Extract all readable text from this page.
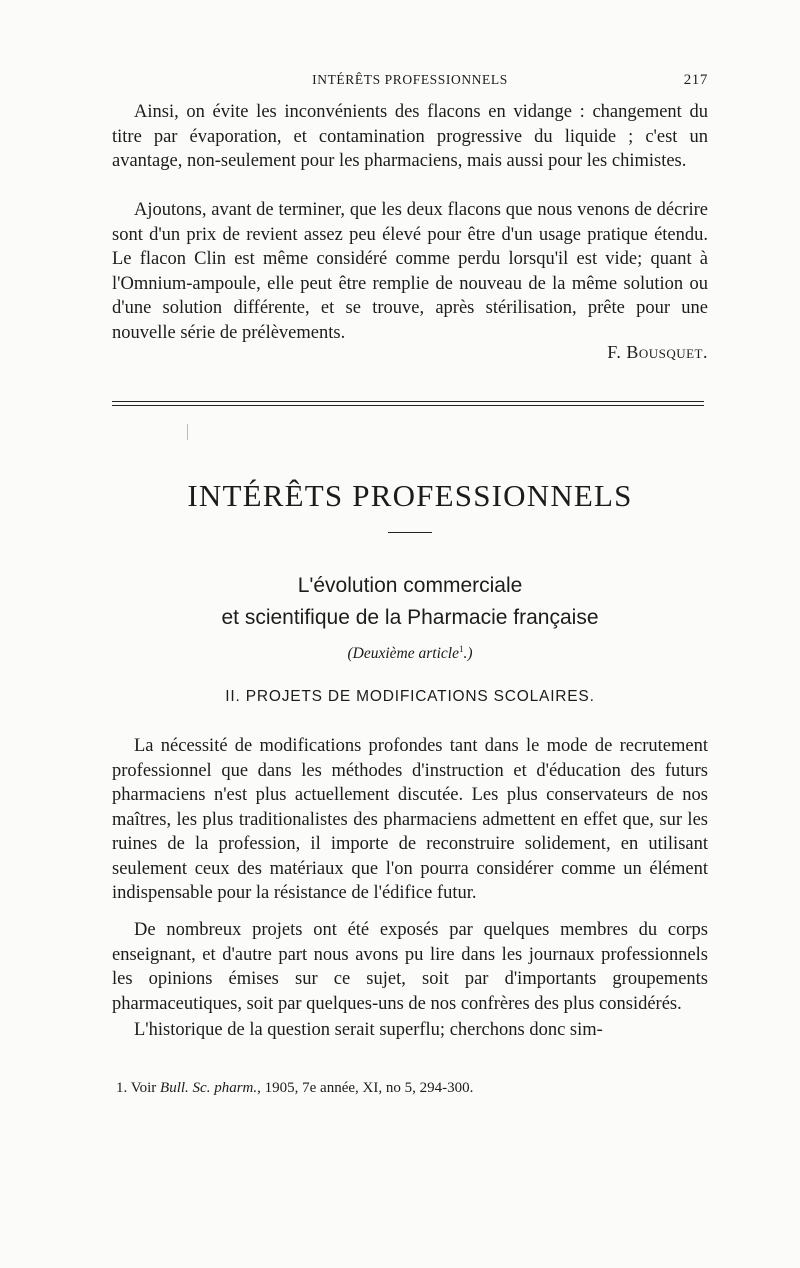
INTÉRÊTS PROFESSIONNELS	217

Ainsi, on évite les inconvénients des flacons en vidange : changement du titre par évaporation, et contamination progressive du liquide ; c'est un avantage, non-seulement pour les pharmaciens, mais aussi pour les chimistes.

Ajoutons, avant de terminer, que les deux flacons que nous venons de décrire sont d'un prix de revient assez peu élevé pour être d'un usage pratique étendu. Le flacon Clin est même considéré comme perdu lorsqu'il est vide; quant à l'Omnium-ampoule, elle peut être remplie de nouveau de la même solution ou d'une solution différente, et se trouve, après stérilisation, prête pour une nouvelle série de prélèvements.

F. Bousquet.
INTÉRÊTS PROFESSIONNELS
L'évolution commerciale
et scientifique de la Pharmacie française
(Deuxième article$^1$.)
II. PROJETS DE MODIFICATIONS SCOLAIRES.

La nécessité de modifications profondes tant dans le mode de recrutement professionnel que dans les méthodes d'instruction et d'éducation des futurs pharmaciens n'est plus actuellement discutée. Les plus conservateurs de nos maîtres, les plus traditionalistes des pharmaciens admettent en effet que, sur les ruines de la profession, il importe de reconstruire solidement, en utilisant seulement ceux des matériaux que l'on pourra considérer comme un élément indispensable pour la résistance de l'édifice futur.

De nombreux projets ont été exposés par quelques membres du corps enseignant, et d'autre part nous avons pu lire dans les journaux professionnels les opinions émises sur ce sujet, soit par d'importants groupements pharmaceutiques, soit par quelques-uns de nos confrères des plus considérés.

L'historique de la question serait superflu; cherchons donc sim-

1. Voir Bull. Sc. pharm., 1905, 7e année, XI, no 5, 294-300.
